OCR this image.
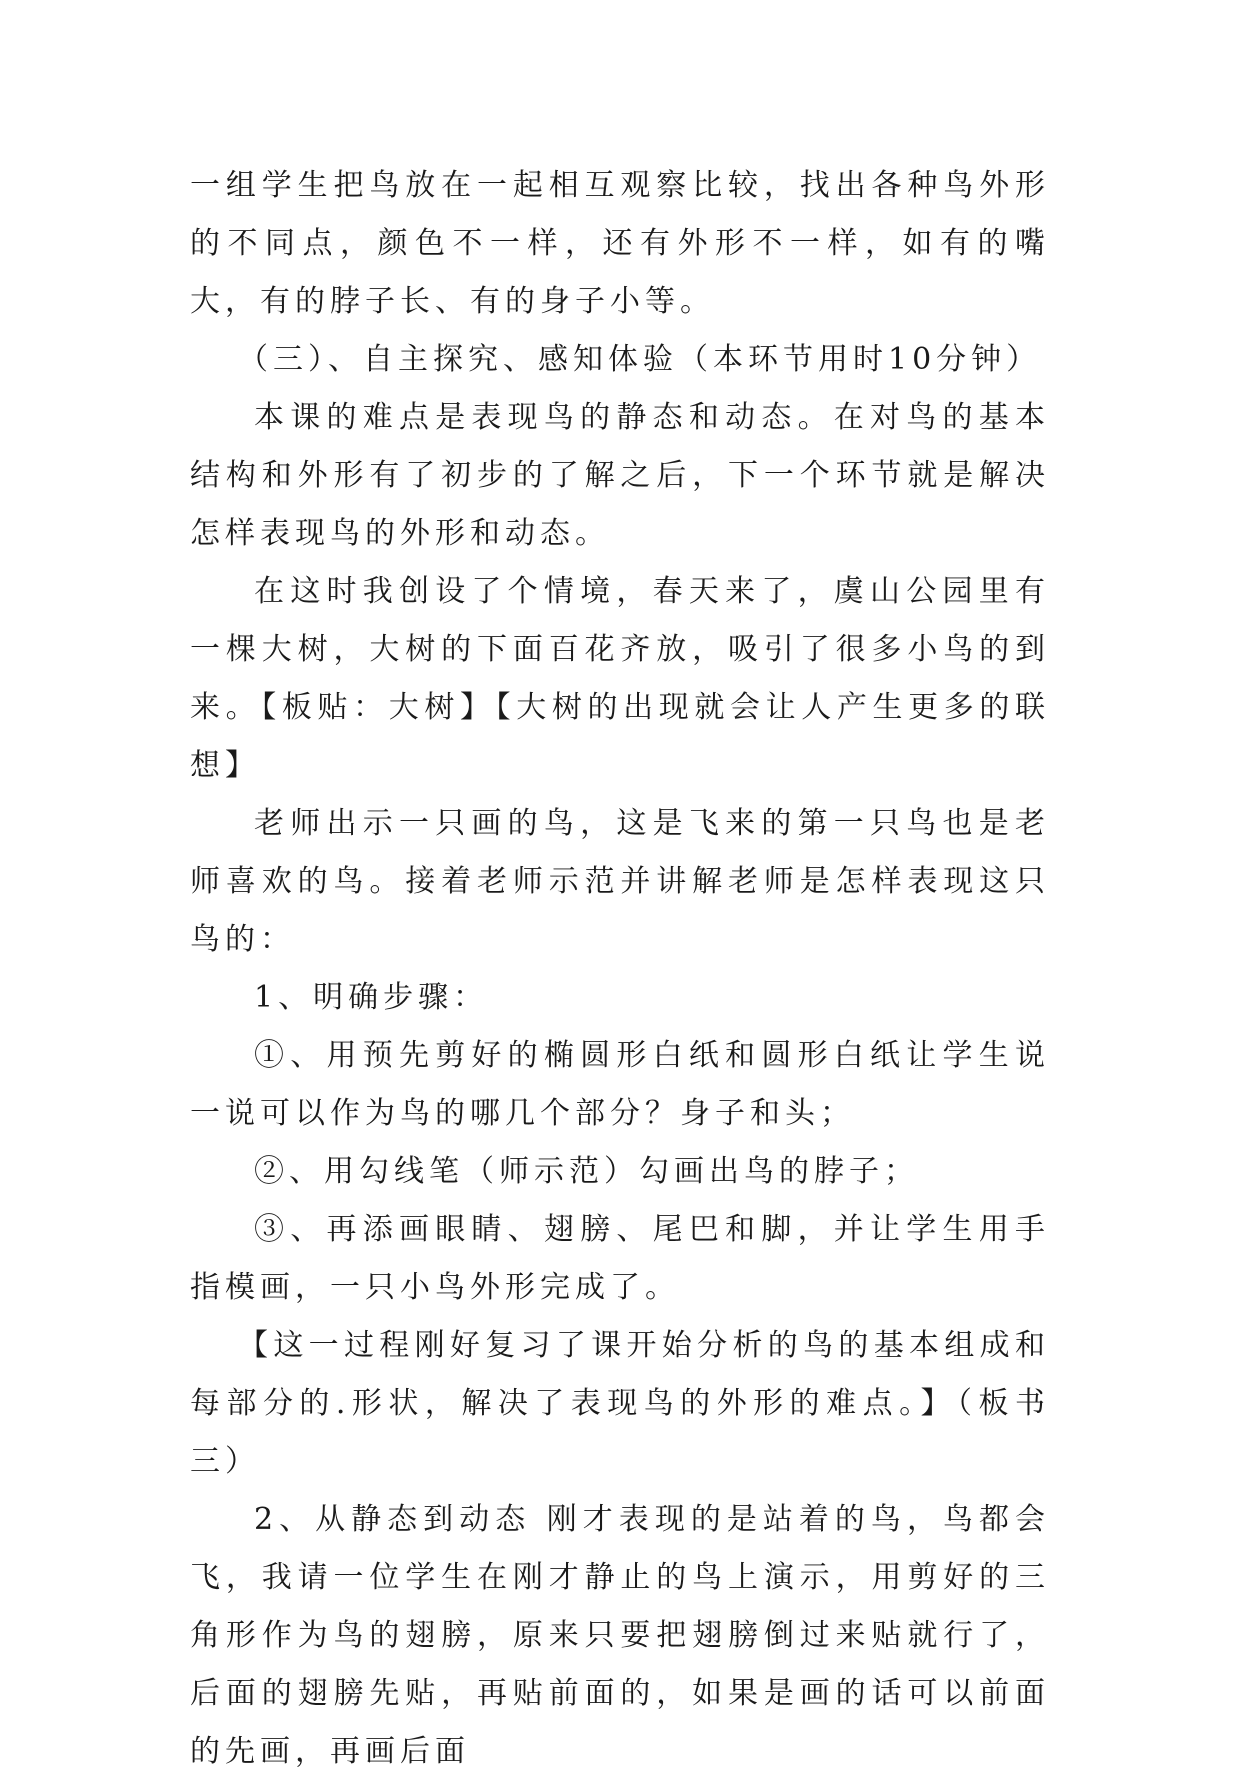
一组学生把鸟放在一起相互观察比较，找出各种鸟外形的不同点，颜色不一样，还有外形不一样，如有的嘴大，有的脖子长、有的身子小等。

（三）、自主探究、感知体验（本环节用时10分钟）

本课的难点是表现鸟的静态和动态。在对鸟的基本结构和外形有了初步的了解之后，下一个环节就是解决怎样表现鸟的外形和动态。

在这时我创设了个情境，春天来了，虞山公园里有一棵大树，大树的下面百花齐放，吸引了很多小鸟的到来。【板贴：大树】【大树的出现就会让人产生更多的联想】

老师出示一只画的鸟，这是飞来的第一只鸟也是老师喜欢的鸟。接着老师示范并讲解老师是怎样表现这只鸟的：

1、明确步骤：

①、用预先剪好的椭圆形白纸和圆形白纸让学生说一说可以作为鸟的哪几个部分？身子和头；

②、用勾线笔（师示范）勾画出鸟的脖子；

③、再添画眼睛、翅膀、尾巴和脚，并让学生用手指模画，一只小鸟外形完成了。

【这一过程刚好复习了课开始分析的鸟的基本组成和每部分的.形状，解决了表现鸟的外形的难点。】（板书三）

2、从静态到动态 刚才表现的是站着的鸟，鸟都会飞，我请一位学生在刚才静止的鸟上演示，用剪好的三角形作为鸟的翅膀，原来只要把翅膀倒过来贴就行了，后面的翅膀先贴，再贴前面的，如果是画的话可以前面的先画，再画后面
